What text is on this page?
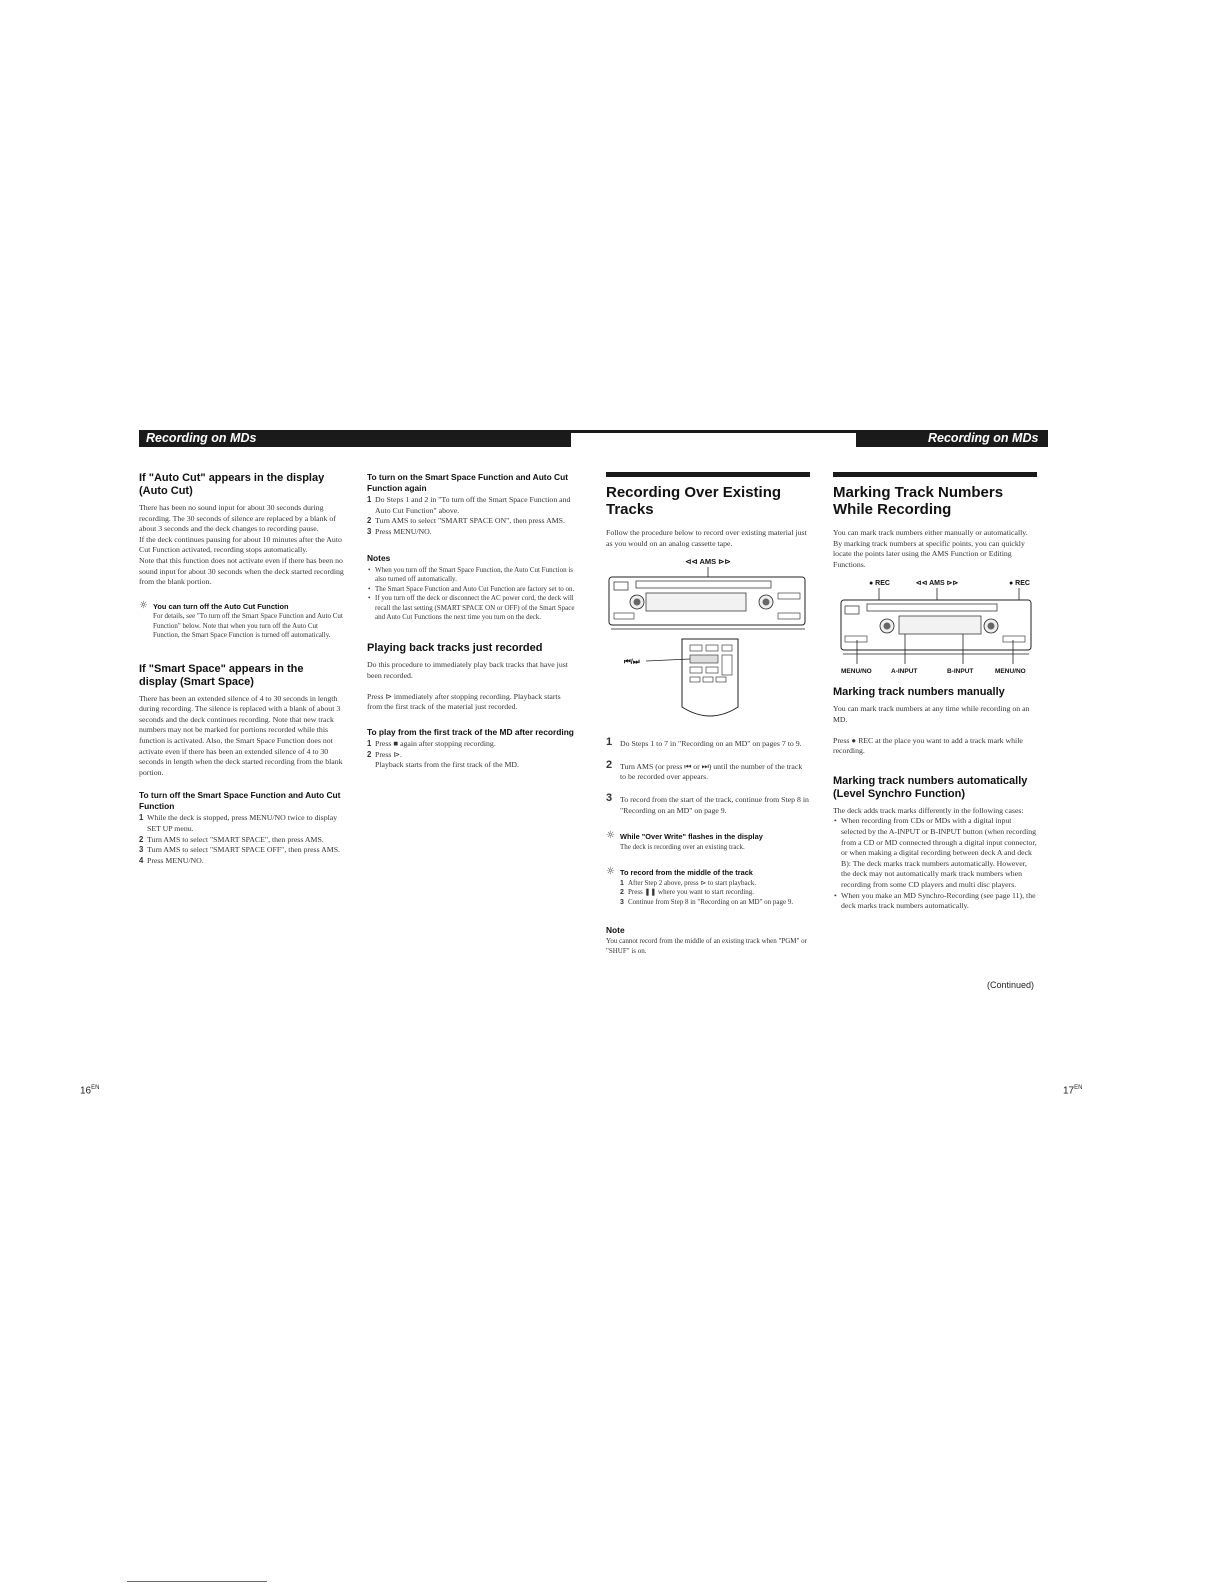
Recording on MDs	Recording on MDs
If "Auto Cut" appears in the display (Auto Cut)

There has been no sound input for about 30 seconds during recording. The 30 seconds of silence are replaced by a blank of about 3 seconds and the deck changes to recording pause.

If the deck continues pausing for about 10 minutes after the Auto Cut Function activated, recording stops automatically.

Note that this function does not activate even if there has been no sound input for about 30 seconds when the deck started recording from the blank portion.

☼ You can turn off the Auto Cut Function
For details, see "To turn off the Smart Space Function and Auto Cut Function" below. Note that when you turn off the Auto Cut Function, the Smart Space Function is turned off automatically.
If "Smart Space" appears in the display (Smart Space)

There has been an extended silence of 4 to 30 seconds in length during recording. The silence is replaced with a blank of about 3 seconds and the deck continues recording. Note that new track numbers may not be marked for portions recorded while this function is activated. Also, the Smart Space Function does not activate even if there has been an extended silence of 4 to 30 seconds in length when the deck started recording from the blank portion.

To turn off the Smart Space Function and Auto Cut Function
1 While the deck is stopped, press MENU/NO twice to display SET UP menu.
2 Turn AMS to select "SMART SPACE", then press AMS.
3 Turn AMS to select "SMART SPACE OFF", then press AMS.
4 Press MENU/NO.
To turn on the Smart Space Function and Auto Cut Function again
1 Do Steps 1 and 2 in "To turn off the Smart Space Function and Auto Cut Function" above.
2 Turn AMS to select "SMART SPACE ON", then press AMS.
3 Press MENU/NO.
Notes
• When you turn off the Smart Space Function, the Auto Cut Function is also turned off automatically.
• The Smart Space Function and Auto Cut Function are factory set to on.
• If you turn off the deck or disconnect the AC power cord, the deck will recall the last setting (SMART SPACE ON or OFF) of the Smart Space and Auto Cut Functions the next time you turn on the deck.
Playing back tracks just recorded

Do this procedure to immediately play back tracks that have just been recorded.

Press ⊳ immediately after stopping recording. Playback starts from the first track of the material just recorded.

To play from the first track of the MD after recording
1 Press ■ again after stopping recording.
2 Press ⊳.

Playback starts from the first track of the MD.

Recording Over Existing Tracks

Follow the procedure below to record over existing material just as you would on an analog cassette tape.

⊲⊲ AMS ⊳⊳
⏮/⏭
1 Do Steps 1 to 7 in "Recording on an MD" on pages 7 to 9.
2 Turn AMS (or press ⏮ or ⏭) until the number of the track to be recorded over appears.
3 To record from the start of the track, continue from Step 8 in "Recording on an MD" on page 9.
☼ While "Over Write" flashes in the display
The deck is recording over an existing track.
☼ To record from the middle of the track
1 After Step 2 above, press ⊳ to start playback.
2 Press ❚❚ where you want to start recording.
3 Continue from Step 8 in "Recording on an MD" on page 9.
Note

You cannot record from the middle of an existing track when "PGM" or "SHUF" is on.

Marking Track Numbers While Recording

You can mark track numbers either manually or automatically. By marking track numbers at specific points, you can quickly locate the points later using the AMS Function or Editing Functions.

● REC	⊲⊲ AMS ⊳⊳	● REC
MENU/NO	A-INPUT	B-INPUT	MENU/NO
Marking track numbers manually

You can mark track numbers at any time while recording on an MD.

Press ● REC at the place you want to add a track mark while recording.

Marking track numbers automatically (Level Synchro Function)

The deck adds track marks differently in the following cases:

• When recording from CDs or MDs with a digital input selected by the A-INPUT or B-INPUT button (when recording from a CD or MD connected through a digital input connector, or when making a digital recording between deck A and deck B): The deck marks track numbers automatically. However, the deck may not automatically mark track numbers when recording from some CD players and multi disc players.
• When you make an MD Synchro-Recording (see page 11), the deck marks track numbers automatically.
(Continued)
$16^{EN}$	$17^{EN}$
